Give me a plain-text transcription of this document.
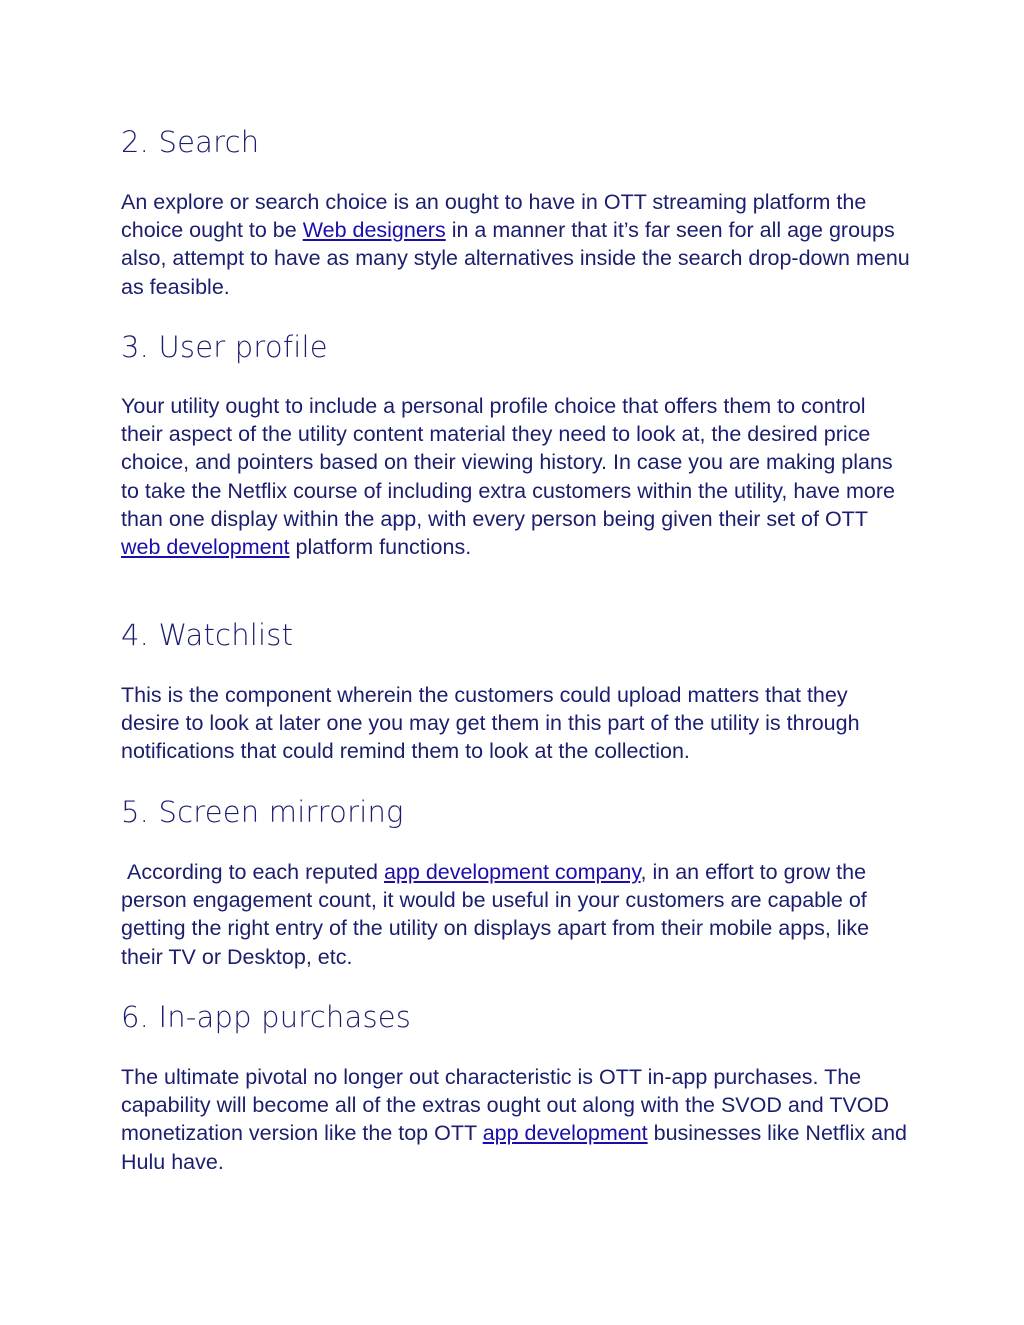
2. Search

An explore or search choice is an ought to have in OTT streaming platform the choice ought to be Web designers in a manner that it’s far seen for all age groups also, attempt to have as many style alternatives inside the search drop-down menu as feasible.

3. User profile

Your utility ought to include a personal profile choice that offers them to control their aspect of the utility content material they need to look at, the desired price choice, and pointers based on their viewing history. In case you are making plans to take the Netflix course of including extra customers within the utility, have more than one display within the app, with every person being given their set of OTT web development platform functions.

4. Watchlist

This is the component wherein the customers could upload matters that they desire to look at later one you may get them in this part of the utility is through notifications that could remind them to look at the collection.

5. Screen mirroring

According to each reputed app development company, in an effort to grow the person engagement count, it would be useful in your customers are capable of getting the right entry of the utility on displays apart from their mobile apps, like their TV or Desktop, etc.

6. In-app purchases

The ultimate pivotal no longer out characteristic is OTT in-app purchases. The capability will become all of the extras ought out along with the SVOD and TVOD monetization version like the top OTT app development businesses like Netflix and Hulu have.
